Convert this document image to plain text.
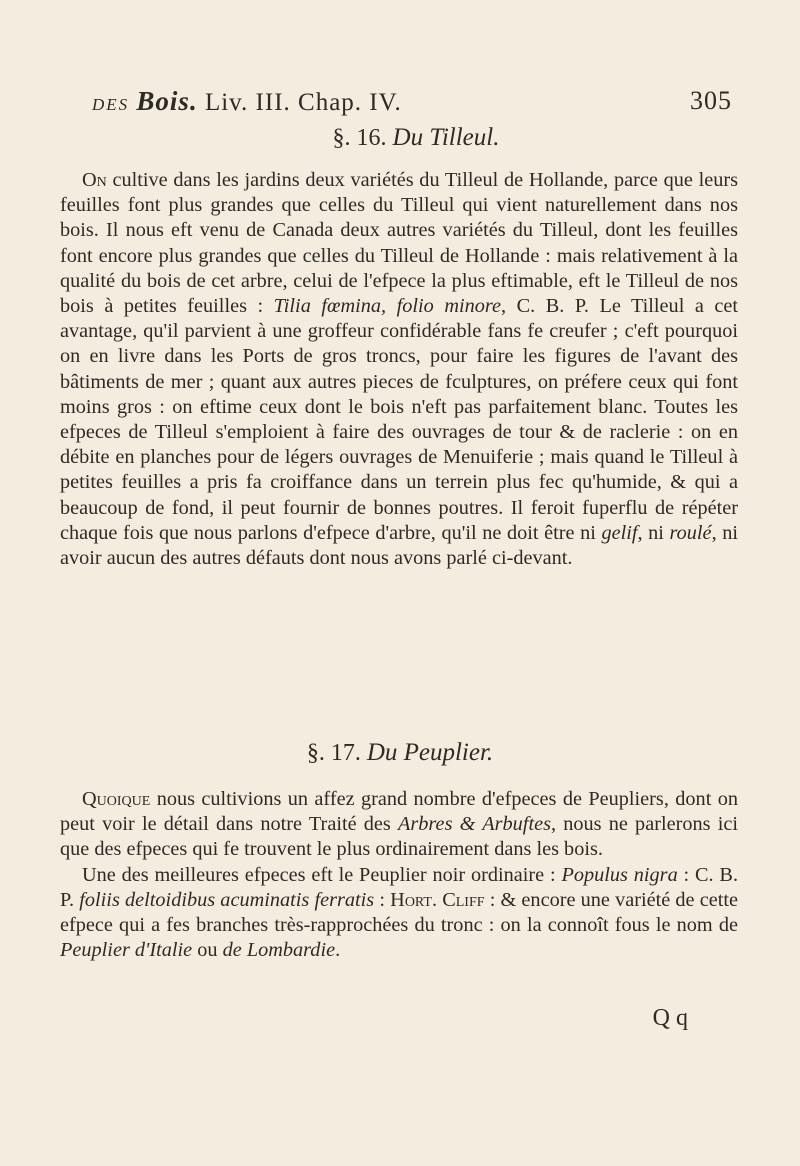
DES Bois. Liv. III. Chap. IV.	305
§. 16. Du Tilleul.

On cultive dans les jardins deux variétés du Tilleul de Hollande, parce que leurs feuilles font plus grandes que celles du Tilleul qui vient naturellement dans nos bois. Il nous eft venu de Canada deux autres variétés du Tilleul, dont les feuilles font encore plus grandes que celles du Tilleul de Hollande : mais relativement à la qualité du bois de cet arbre, celui de l'efpece la plus eftimable, eft le Tilleul de nos bois à petites feuilles : Tilia fœmina, folio minore, C. B. P. Le Tilleul a cet avantage, qu'il parvient à une groffeur confidérable fans fe creufer ; c'eft pourquoi on en livre dans les Ports de gros troncs, pour faire les figures de l'avant des bâtiments de mer ; quant aux autres pieces de fculptures, on préfere ceux qui font moins gros : on eftime ceux dont le bois n'eft pas parfaitement blanc. Toutes les efpeces de Tilleul s'emploient à faire des ouvrages de tour & de raclerie : on en débite en planches pour de légers ouvrages de Menuiferie ; mais quand le Tilleul à petites feuilles a pris fa croiffance dans un terrein plus fec qu'humide, & qui a beaucoup de fond, il peut fournir de bonnes poutres. Il feroit fuperflu de répéter chaque fois que nous parlons d'efpece d'arbre, qu'il ne doit être ni gelif, ni roulé, ni avoir aucun des autres défauts dont nous avons parlé ci-devant.

§. 17. Du Peuplier.

Quoique nous cultivions un affez grand nombre d'efpeces de Peupliers, dont on peut voir le détail dans notre Traité des Arbres & Arbuftes, nous ne parlerons ici que des efpeces qui fe trouvent le plus ordinairement dans les bois.

Une des meilleures efpeces eft le Peuplier noir ordinaire : Populus nigra : C. B. P. foliis deltoidibus acuminatis ferratis : Hort. Cliff : & encore une variété de cette efpece qui a fes branches très-rapprochées du tronc : on la connoît fous le nom de Peuplier d'Italie ou de Lombardie.

Q q
